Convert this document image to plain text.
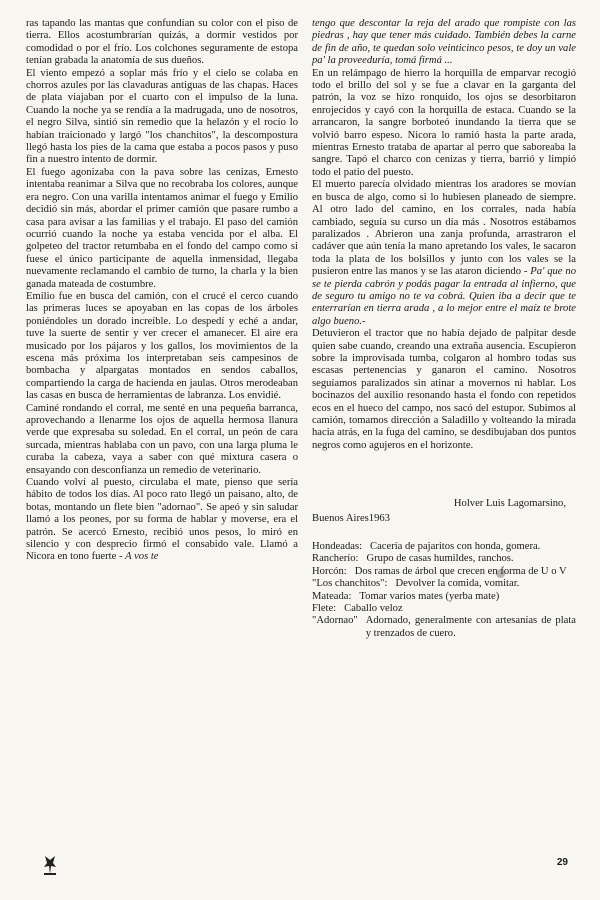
ras tapando las mantas que confundían su color con el piso de tierra. Ellos acostumbrarían quizás, a dormir vestidos por comodidad o por el frío. Los colchones seguramente de estopa tenían grabada la anatomía de sus dueños.

El viento empezó a soplar más frío y el cielo se colaba en chorros azules por las clavaduras antiguas de las chapas. Haces de plata viajaban por el cuarto con el impulso de la luna. Cuando la noche ya se rendía a la madrugada, uno de nosotros, el negro Silva, sintió sin remedio que la helazón y el rocío lo habían traicionado y largó "los chanchitos", la descompostura llegó hasta los pies de la cama que estaba a pocos pasos y puso fin a nuestro intento de dormir.

El fuego agonizaba con la pava sobre las cenizas, Ernesto intentaba reanimar a Silva que no recobraba los colores, aunque era negro. Con una varilla intentamos animar el fuego y Emilio decidió sin más, abordar el primer camión que pasare rumbo a casa para avisar a las familias y el trabajo. El paso del camión ocurrió cuando la noche ya estaba vencida por el alba. El golpeteo del tractor retumbaba en el fondo del campo como si fuese el único participante de aquella inmensidad, llegaba nuevamente reclamando el cambio de turno, la charla y la bien ganada mateada de costumbre.

Emilio fue en busca del camión, con el crucé el cerco cuando las primeras luces se apoyaban en las copas de los árboles poniéndoles un dorado increíble. Lo despedí y eché a andar, tuve la suerte de sentir y ver crecer el amanecer. El aire era musicado por los pájaros y los gallos, los movimientos de la escena más próxima los interpretaban seis campesinos de bombacha y alpargatas montados en sendos caballos, compartiendo la carga de hacienda en jaulas. Otros merodeaban las casas en busca de herramientas de labranza. Los envidié.

Caminé rondando el corral, me senté en una pequeña barranca, aprovechando a llenarme los ojos de aquella hermosa llanura verde que expresaba su soledad. En el corral, un peón de cara surcada, mientras hablaba con un pavo, con una larga pluma le curaba la cabeza, vaya a saber con qué mixtura casera o ensayando con desconfianza un remedio de veterinario.

Cuando volví al puesto, circulaba el mate, pienso que sería hábito de todos los días. Al poco rato llegó un paisano, alto, de botas, montando un flete bien "adornao". Se apeó y sin saludar llamó a los peones, por su forma de hablar y moverse, era el patrón. Se acercó Ernesto, recibió unos pesos, lo miró en silencio y con desprecio firmó el consabido vale. Llamó a Nicora en tono fuerte - A vos te

tengo que descontar la reja del arado que rompiste con las piedras , hay que tener más cuidado. También debes la carne de fin de año, te quedan solo veinticinco pesos, te doy un vale pa' la proveeduría, tomá firmá ...

En un relámpago de hierro la horquilla de emparvar recogió todo el brillo del sol y se fue a clavar en la garganta del patrón, la voz se hizo ronquido, los ojos se desorbitaron enrojecidos y cayó con la horquilla de estaca. Cuando se la arrancaron, la sangre borboteó inundando la tierra que se volvió barro espeso. Nicora lo ramió hasta la parte arada, mientras Ernesto trataba de apartar al perro que saboreaba la sangre. Tapó el charco con cenizas y tierra, barrió y limpió todo el patio del puesto.

El muerto parecía olvidado mientras los aradores se movían en busca de algo, como si lo hubiesen planeado de siempre. Al otro lado del camino, en los corrales, nada había cambiado, seguía su curso un día más . Nosotros estábamos paralizados . Abrieron una zanja profunda, arrastraron el cadáver que aún tenía la mano apretando los vales, le sacaron toda la plata de los bolsillos y junto con los vales se la pusieron entre las manos y se las ataron diciendo - Pa' que no se te pierda cabrón y podás pagar la entrada al infierno, que de seguro tu amigo no te va cobrá. Quien iba a decir que te enterrarían en tierra arada , a lo mejor entre el maíz te brote algo bueno.-

Detuvieron el tractor que no había dejado de palpitar desde quien sabe cuando, creando una extraña ausencia. Escupieron sobre la improvisada tumba, colgaron al hombro todas sus escasas pertenencias y ganaron el camino. Nosotros seguíamos paralizados sin atinar a movernos ni hablar. Los bocinazos del auxilio resonando hasta el fondo con repetidos ecos en el hueco del campo, nos sacó del estupor. Subimos al camión, tomamos dirección a Saladillo y volteando la mirada hacia atrás, en la fuga del camino, se desdibujaban dos puntos negros como agujeros en el horizonte.

Holver Luis Lagomarsino,
Buenos Aires1963
Hondeadas: Cacería de pajaritos con honda, gomera.
Rancherío: Grupo de casas humildes, ranchos.
Horcón: Dos ramas de árbol que crecen en forma de U o V
"Los chanchitos": Devolver la comida, vomitar.
Mateada: Tomar varios mates (yerba mate)
Flete: Caballo veloz
"Adornao" Adornado, generalmente con artesanías de plata y trenzados de cuero.
29
